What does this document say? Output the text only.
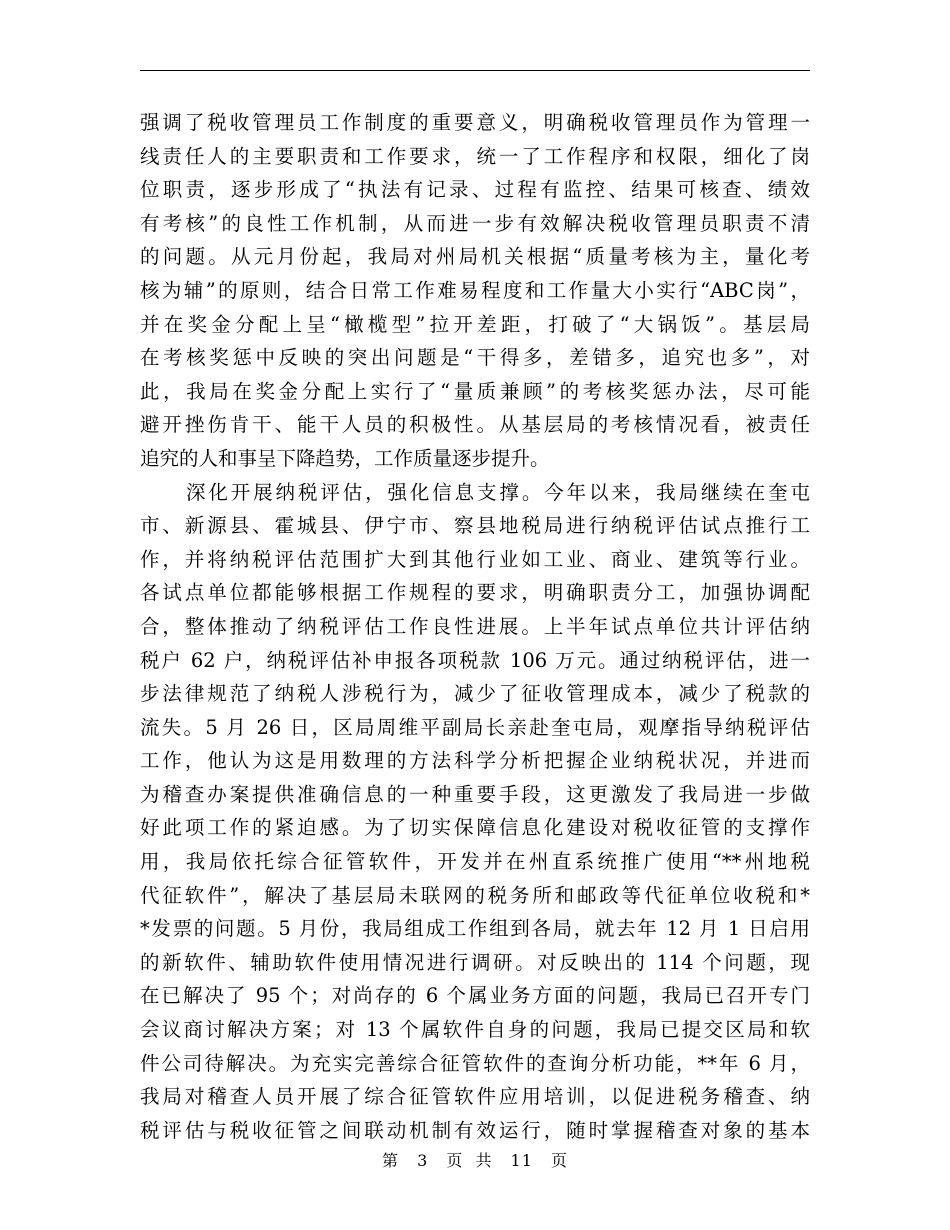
强调了税收管理员工作制度的重要意义，明确税收管理员作为管理一
线责任人的主要职责和工作要求，统一了工作程序和权限，细化了岗
位职责，逐步形成了“执法有记录、过程有监控、结果可核查、绩效
有考核”的良性工作机制，从而进一步有效解决税收管理员职责不清
的问题。从元月份起，我局对州局机关根据“质量考核为主，量化考
核为辅”的原则，结合日常工作难易程度和工作量大小实行“ABC岗”，
并在奖金分配上呈“橄榄型”拉开差距，打破了“大锅饭”。基层局
在考核奖惩中反映的突出问题是“干得多，差错多，追究也多”，对
此，我局在奖金分配上实行了“量质兼顾”的考核奖惩办法，尽可能
避开挫伤肯干、能干人员的积极性。从基层局的考核情况看，被责任
追究的人和事呈下降趋势，工作质量逐步提升。
深化开展纳税评估，强化信息支撑。今年以来，我局继续在奎屯
市、新源县、霍城县、伊宁市、察县地税局进行纳税评估试点推行工
作，并将纳税评估范围扩大到其他行业如工业、商业、建筑等行业。
各试点单位都能够根据工作规程的要求，明确职责分工，加强协调配
合，整体推动了纳税评估工作良性进展。上半年试点单位共计评估纳
税户 62 户，纳税评估补申报各项税款 106 万元。通过纳税评估，进一
步法律规范了纳税人涉税行为，减少了征收管理成本，减少了税款的
流失。5 月 26 日，区局周维平副局长亲赴奎屯局，观摩指导纳税评估
工作，他认为这是用数理的方法科学分析把握企业纳税状况，并进而
为稽查办案提供准确信息的一种重要手段，这更激发了我局进一步做
好此项工作的紧迫感。为了切实保障信息化建设对税收征管的支撑作
用，我局依托综合征管软件，开发并在州直系统推广使用“**州地税
代征软件”，解决了基层局未联网的税务所和邮政等代征单位收税和*
*发票的问题。5 月份，我局组成工作组到各局，就去年 12 月 1 日启用
的新软件、辅助软件使用情况进行调研。对反映出的 114 个问题，现
在已解决了 95 个；对尚存的 6 个属业务方面的问题，我局已召开专门
会议商讨解决方案；对 13 个属软件自身的问题，我局已提交区局和软
件公司待解决。为充实完善综合征管软件的查询分析功能，**年 6 月，
我局对稽查人员开展了综合征管软件应用培训，以促进税务稽查、纳
税评估与税收征管之间联动机制有效运行，随时掌握稽查对象的基本
第 3 页 共 11 页
